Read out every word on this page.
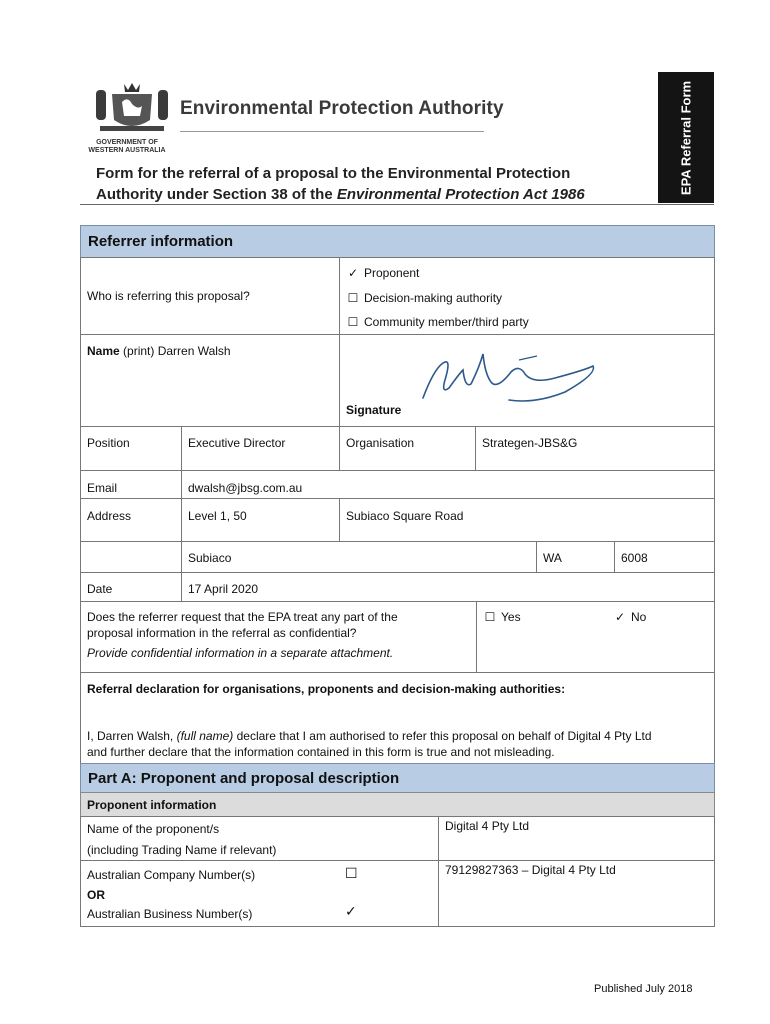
EPA Referral Form
GOVERNMENT OF WESTERN AUSTRALIA
Environmental Protection Authority
Form for the referral of a proposal to the Environmental Protection
Authority under Section 38 of the Environmental Protection Act 1986
Referrer information
Who is referring this proposal?
✓ Proponent
☐ Decision-making authority
☐ Community member/third party
Name (print) Darren Walsh
Signature
Position	Executive Director	Organisation	Strategen-JBS&G
Email	dwalsh@jbsg.com.au
Address	Level 1, 50	Subiaco Square Road
Subiaco	WA	6008
Date	17 April 2020
Does the referrer request that the EPA treat any part of the
proposal information in the referral as confidential?
Provide confidential information in a separate attachment.
☐ Yes	✓ No
Referral declaration for organisations, proponents and decision-making authorities:
I, Darren Walsh, (full name) declare that I am authorised to refer this proposal on behalf of Digital 4 Pty Ltd
and further declare that the information contained in this form is true and not misleading.
Part A: Proponent and proposal description
Proponent information
Name of the proponent/s
(including Trading Name if relevant)
Digital 4 Pty Ltd
Australian Company Number(s)	☐
OR
Australian Business Number(s)	✓
79129827363 – Digital 4 Pty Ltd
Published July 2018
